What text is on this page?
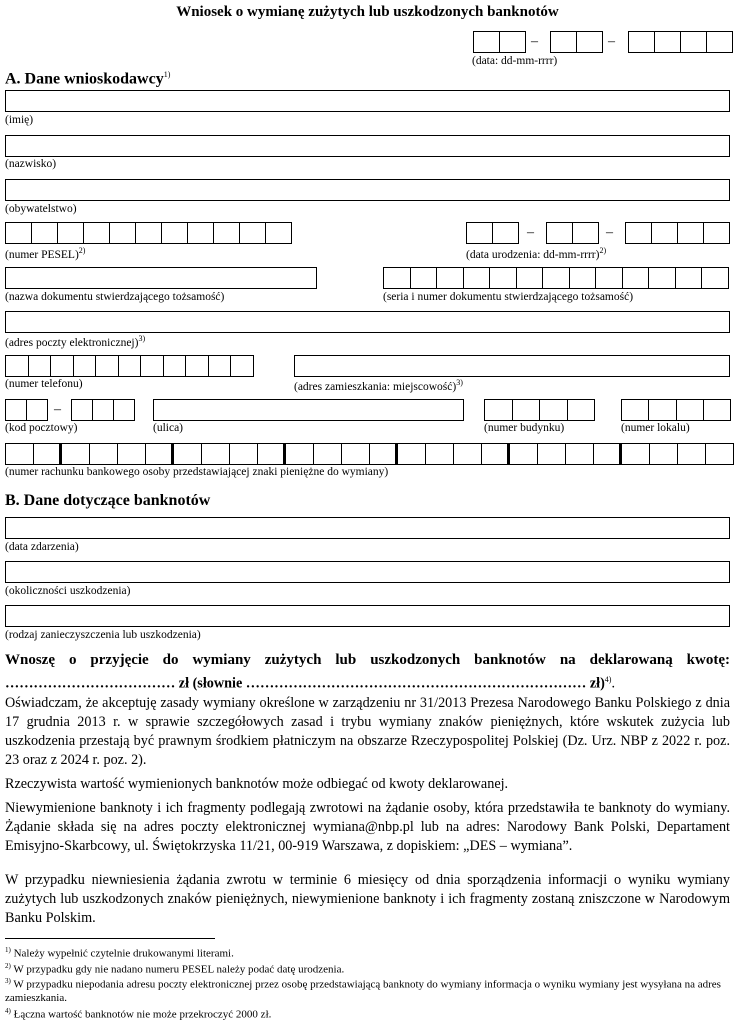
Wniosek o wymianę zużytych lub uszkodzonych banknotów
–	–
(data: dd-mm-rrrr)
A. Dane wnioskodawcy$^{1)}$
(imię)
(nazwisko)
(obywatelstwo)
–	–
(numer PESEL)$^{2)}$	(data urodzenia: dd-mm-rrrr)$^{2)}$
(nazwa dokumentu stwierdzającego tożsamość)	(seria i numer dokumentu stwierdzającego tożsamość)
(adres poczty elektronicznej)$^{3)}$
(numer telefonu)	(adres zamieszkania: miejscowość)$^{3)}$
–
(kod pocztowy)	(ulica)	(numer budynku)	(numer lokalu)
(numer rachunku bankowego osoby przedstawiającej znaki pieniężne do wymiany)
B. Dane dotyczące banknotów
(data zdarzenia)
(okoliczności uszkodzenia)
(rodzaj zanieczyszczenia lub uszkodzenia)
Wnoszę o przyjęcie do wymiany zużytych lub uszkodzonych banknotów na deklarowaną kwotę:
……………………………… zł (słownie ……………………………………………………………… zł)$^{4)}$.
Oświadczam, że akceptuję zasady wymiany określone w zarządzeniu nr 31/2013 Prezesa Narodowego Banku Polskiego z dnia 17 grudnia 2013 r. w sprawie szczegółowych zasad i trybu wymiany znaków pieniężnych, które wskutek zużycia lub uszkodzenia przestają być prawnym środkiem płatniczym na obszarze Rzeczypospolitej Polskiej (Dz. Urz. NBP z 2022 r. poz. 23 oraz z 2024 r. poz. 2).
Rzeczywista wartość wymienionych banknotów może odbiegać od kwoty deklarowanej.
Niewymienione banknoty i ich fragmenty podlegają zwrotowi na żądanie osoby, która przedstawiła te banknoty do wymiany. Żądanie składa się na adres poczty elektronicznej wymiana@nbp.pl lub na adres: Narodowy Bank Polski, Departament Emisyjno-Skarbcowy, ul. Świętokrzyska 11/21, 00-919 Warszawa, z dopiskiem: „DES – wymiana”.
W przypadku niewniesienia żądania zwrotu w terminie 6 miesięcy od dnia sporządzenia informacji o wyniku wymiany zużytych lub uszkodzonych znaków pieniężnych, niewymienione banknoty i ich fragmenty zostaną zniszczone w Narodowym Banku Polskim.
$^{1)}$ Należy wypełnić czytelnie drukowanymi literami.
$^{2)}$ W przypadku gdy nie nadano numeru PESEL należy podać datę urodzenia.
$^{3)}$ W przypadku niepodania adresu poczty elektronicznej przez osobę przedstawiającą banknoty do wymiany informacja o wyniku wymiany jest wysyłana na adres zamieszkania.
$^{4)}$ Łączna wartość banknotów nie może przekroczyć 2000 zł.
